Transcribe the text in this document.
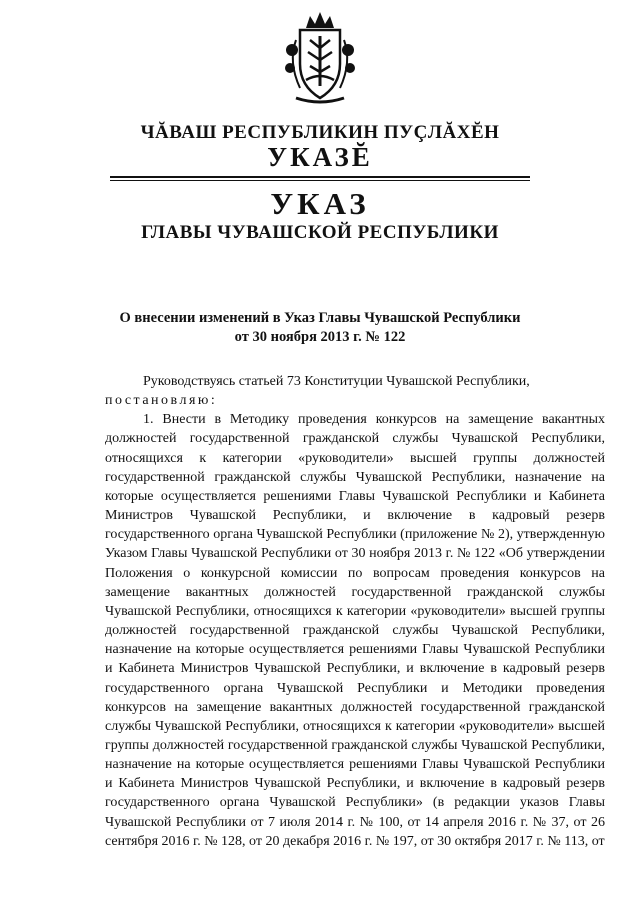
ЧĂВАШ РЕСПУБЛИКИН ПУÇЛĂХĔН
УКАЗĔ
УКАЗ
ГЛАВЫ ЧУВАШСКОЙ РЕСПУБЛИКИ
О внесении изменений в Указ Главы Чувашской Республики
от 30 ноября 2013 г. № 122

Руководствуясь статьей 73 Конституции Чувашской Республики,

постановляю:

1. Внести в Методику проведения конкурсов на замещение вакантных должностей государственной гражданской службы Чувашской Республики, относящихся к категории «руководители» высшей группы должностей государственной гражданской службы Чувашской Республики, назначение на которые осуществляется решениями Главы Чувашской Республики и Кабинета Министров Чувашской Республики, и включение в кадровый резерв государственного органа Чувашской Республики (приложение № 2), утвержденную Указом Главы Чувашской Республики от 30 ноября 2013 г. № 122 «Об утверждении Положения о конкурсной комиссии по вопросам проведения конкурсов на замещение вакантных должностей государственной гражданской службы Чувашской Республики, относящихся к категории «руководители» высшей группы должностей государственной гражданской службы Чувашской Республики, назначение на которые осуществляется решениями Главы Чувашской Республики и Кабинета Министров Чувашской Республики, и включение в кадровый резерв государственного органа Чувашской Республики и Методики проведения конкурсов на замещение вакантных должностей государственной гражданской службы Чувашской Республики, относящихся к категории «руководители» высшей группы должностей государственной гражданской службы Чувашской Республики, назначение на которые осуществляется решениями Главы Чувашской Республики и Кабинета Министров Чувашской Республики, и включение в кадровый резерв государственного органа Чувашской Республики» (в редакции указов Главы Чувашской Республики от 7 июля 2014 г. № 100, от 14 апреля 2016 г. № 37, от 26 сентября 2016 г. № 128, от 20 декабря 2016 г. № 197, от 30 октября 2017 г. № 113, от
